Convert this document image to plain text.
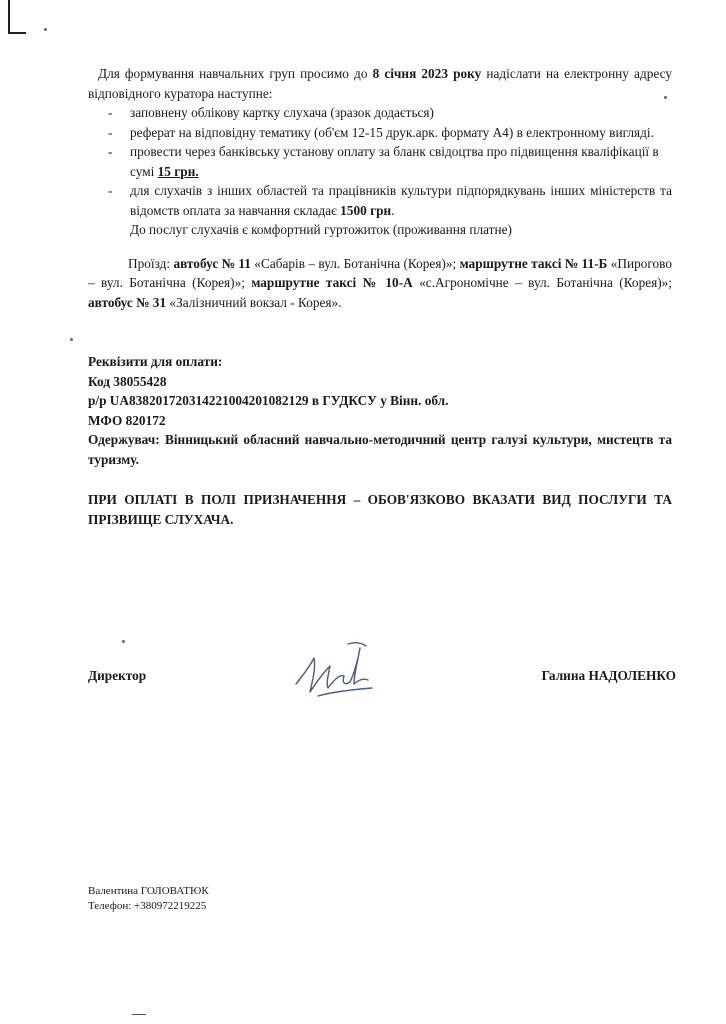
Для формування навчальних груп просимо до 8 січня 2023 року надіслати на електронну адресу відповідного куратора наступне:

- заповнену облікову картку слухача (зразок додається)
- реферат на відповідну тематику (об'єм 12-15 друк.арк. формату А4) в електронному вигляді.
- провести через банківську установу оплату за бланк свідоцтва про підвищення кваліфікації в сумі 15 грн.
- для слухачів з інших областей та працівників культури підпорядкувань інших міністерств та відомств оплата за навчання складає 1500 грн.

До послуг слухачів є комфортний гуртожиток (проживання платне)

Проїзд: автобус № 11 «Сабарів – вул. Ботанічна (Корея)»; маршрутне таксі № 11-Б «Пирогово – вул. Ботанічна (Корея)»; маршрутне таксі № 10-А «с.Агрономічне – вул. Ботанічна (Корея)»; автобус № 31 «Залізничний вокзал - Корея».

Реквізити для оплати:

Код 38055428

р/р UA838201720314221004201082129 в ГУДКСУ у Вінн. обл.

МФО 820172

Одержувач: Вінницький обласний навчально-методичний центр галузі культури, мистецтв та туризму.

ПРИ ОПЛАТІ В ПОЛІ ПРИЗНАЧЕННЯ – ОБОВ'ЯЗКОВО ВКАЗАТИ ВИД ПОСЛУГИ ТА ПРІЗВИЩЕ СЛУХАЧА.

Директор	Галина НАДОЛЕНКО

Валентина ГОЛОВАТЮК

Телефон: +380972219225
